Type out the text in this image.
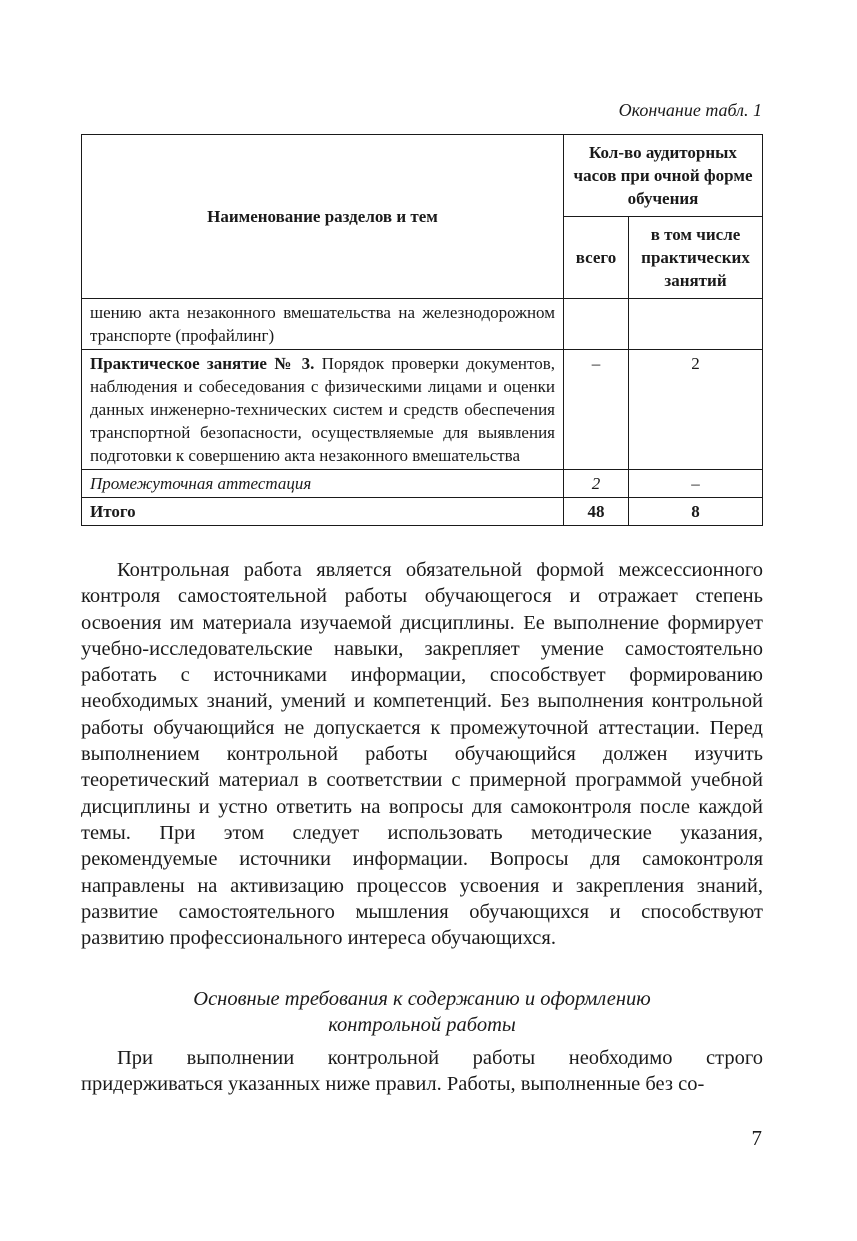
Окончание табл. 1
Наименование разделов и тем	Кол-во аудиторных часов при очной форме обучения	
	всего	в том числе практических занятий
шению акта незаконного вмешательства на железнодорожном транспорте (профайлинг)		
Практическое занятие № 3. Порядок проверки документов, наблюдения и собеседования с физическими лицами и оценки данных инженерно-технических систем и средств обеспечения транспортной безопасности, осуществляемые для выявления подготовки к совершению акта незаконного вмешательства	–	2
Промежуточная аттестация	2	–
Итого	48	8

Контрольная работа является обязательной формой межсессионного контроля самостоятельной работы обучающегося и отражает степень освоения им материала изучаемой дисциплины. Ее выполнение формирует учебно-исследовательские навыки, закрепляет умение самостоятельно работать с источниками информации, способствует формированию необходимых знаний, умений и компетенций. Без выполнения контрольной работы обучающийся не допускается к промежуточной аттестации. Перед выполнением контрольной работы обучающийся должен изучить теоретический материал в соответствии с примерной программой учебной дисциплины и устно ответить на вопросы для самоконтроля после каждой темы. При этом следует использовать методические указания, рекомендуемые источники информации. Вопросы для самоконтроля направлены на активизацию процессов усвоения и закрепления знаний, развитие самостоятельного мышления обучающихся и способствуют развитию профессионального интереса обучающихся.

Основные требования к содержанию и оформлению
контрольной работы

При выполнении контрольной работы необходимо строго придерживаться указанных ниже правил. Работы, выполненные без со-

7
